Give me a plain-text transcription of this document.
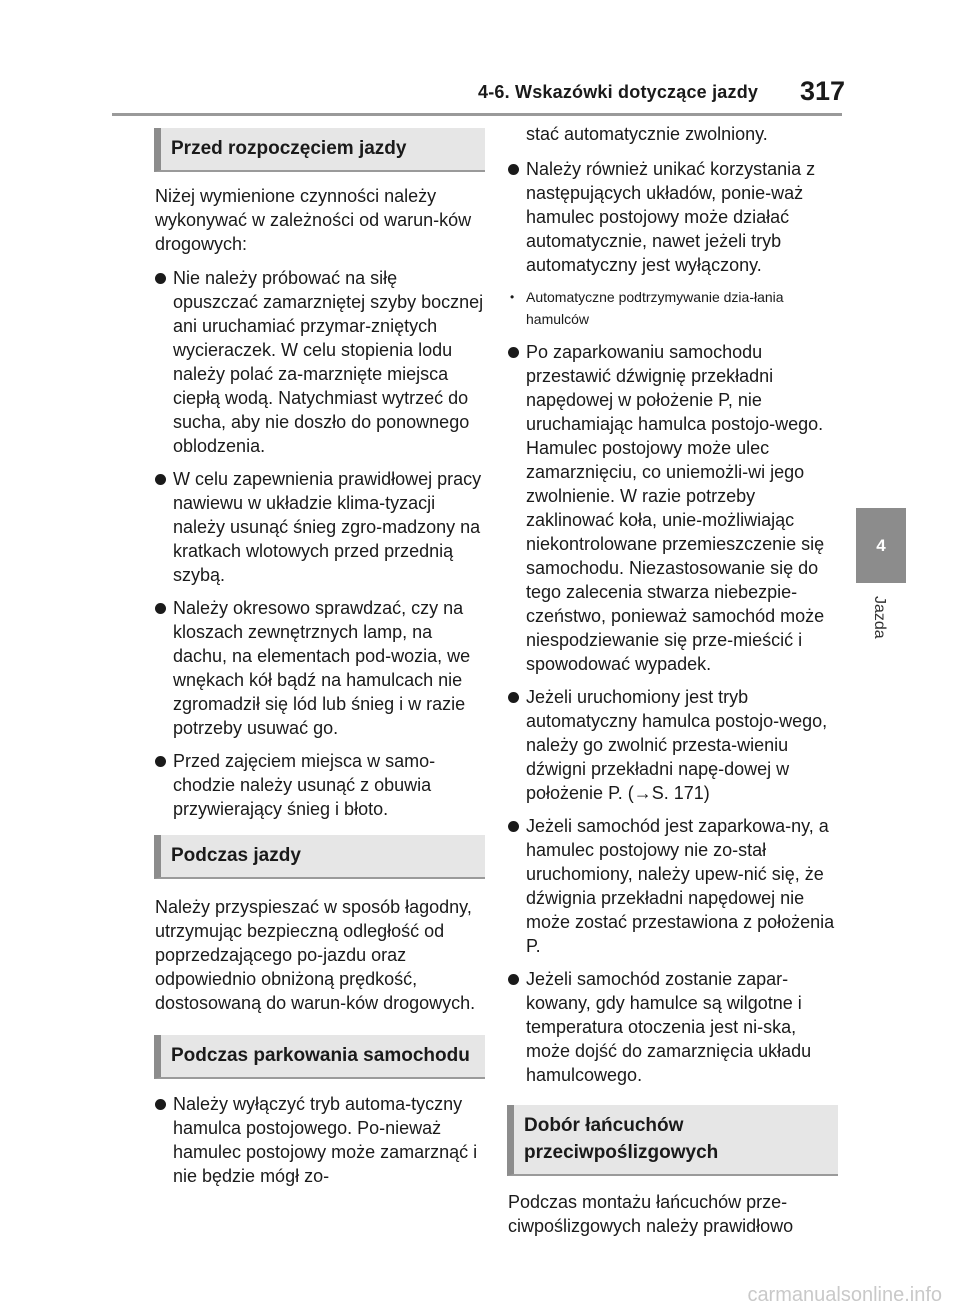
4-6. Wskazówki dotyczące jazdy 317
4
Jazda
Przed rozpoczęciem jazdy

Niżej wymienione czynności należy wykonywać w zależności od warun-ków drogowych:

Nie należy próbować na siłę opuszczać zamarzniętej szyby bocznej ani uruchamiać przymar-zniętych wycieraczek. W celu stopienia lodu należy polać za-marznięte miejsca ciepłą wodą. Natychmiast wytrzeć do sucha, aby nie doszło do ponownego oblodzenia.
W celu zapewnienia prawidłowej pracy nawiewu w układzie klima-tyzacji należy usunąć śnieg zgro-madzony na kratkach wlotowych przed przednią szybą.
Należy okresowo sprawdzać, czy na kloszach zewnętrznych lamp, na dachu, na elementach pod-wozia, we wnękach kół bądź na hamulcach nie zgromadził się lód lub śnieg i w razie potrzeby usuwać go.
Przed zajęciem miejsca w samo-chodzie należy usunąć z obuwia przywierający śnieg i błoto.
Podczas jazdy

Należy przyspieszać w sposób łagodny, utrzymując bezpieczną odległość od poprzedzającego po-jazdu oraz odpowiednio obniżoną prędkość, dostosowaną do warun-ków drogowych.

Podczas parkowania samochodu
Należy wyłączyć tryb automa-tyczny hamulca postojowego. Po-nieważ hamulec postojowy może zamarznąć i nie będzie mógł zo-
stać automatycznie zwolniony.
Należy również unikać korzystania z następujących układów, ponie-waż hamulec postojowy może działać automatycznie, nawet jeżeli tryb automatyczny jest wyłączony.
• Automatyczne podtrzymywanie dzia-łania hamulców
Po zaparkowaniu samochodu przestawić dźwignię przekładni napędowej w położenie P, nie uruchamiając hamulca postojo-wego. Hamulec postojowy może ulec zamarznięciu, co uniemożli-wi jego zwolnienie. W razie potrzeby zaklinować koła, unie-możliwiając niekontrolowane przemieszczenie się samochodu. Niezastosowanie się do tego zalecenia stwarza niebezpie-czeństwo, ponieważ samochód może niespodziewanie się prze-mieścić i spowodować wypadek.
Jeżeli uruchomiony jest tryb automatyczny hamulca postojo-wego, należy go zwolnić przesta-wieniu dźwigni przekładni napę-dowej w położenie P. (→S. 171)
Jeżeli samochód jest zaparkowa-ny, a hamulec postojowy nie zo-stał uruchomiony, należy upew-nić się, że dźwignia przekładni napędowej nie może zostać przestawiona z położenia P.
Jeżeli samochód zostanie zapar-kowany, gdy hamulce są wilgotne i temperatura otoczenia jest ni-ska, może dojść do zamarznięcia układu hamulcowego.
Dobór łańcuchów przeciwpoślizgowych

Podczas montażu łańcuchów prze-ciwpoślizgowych należy prawidłowo

carmanualsonline.info
